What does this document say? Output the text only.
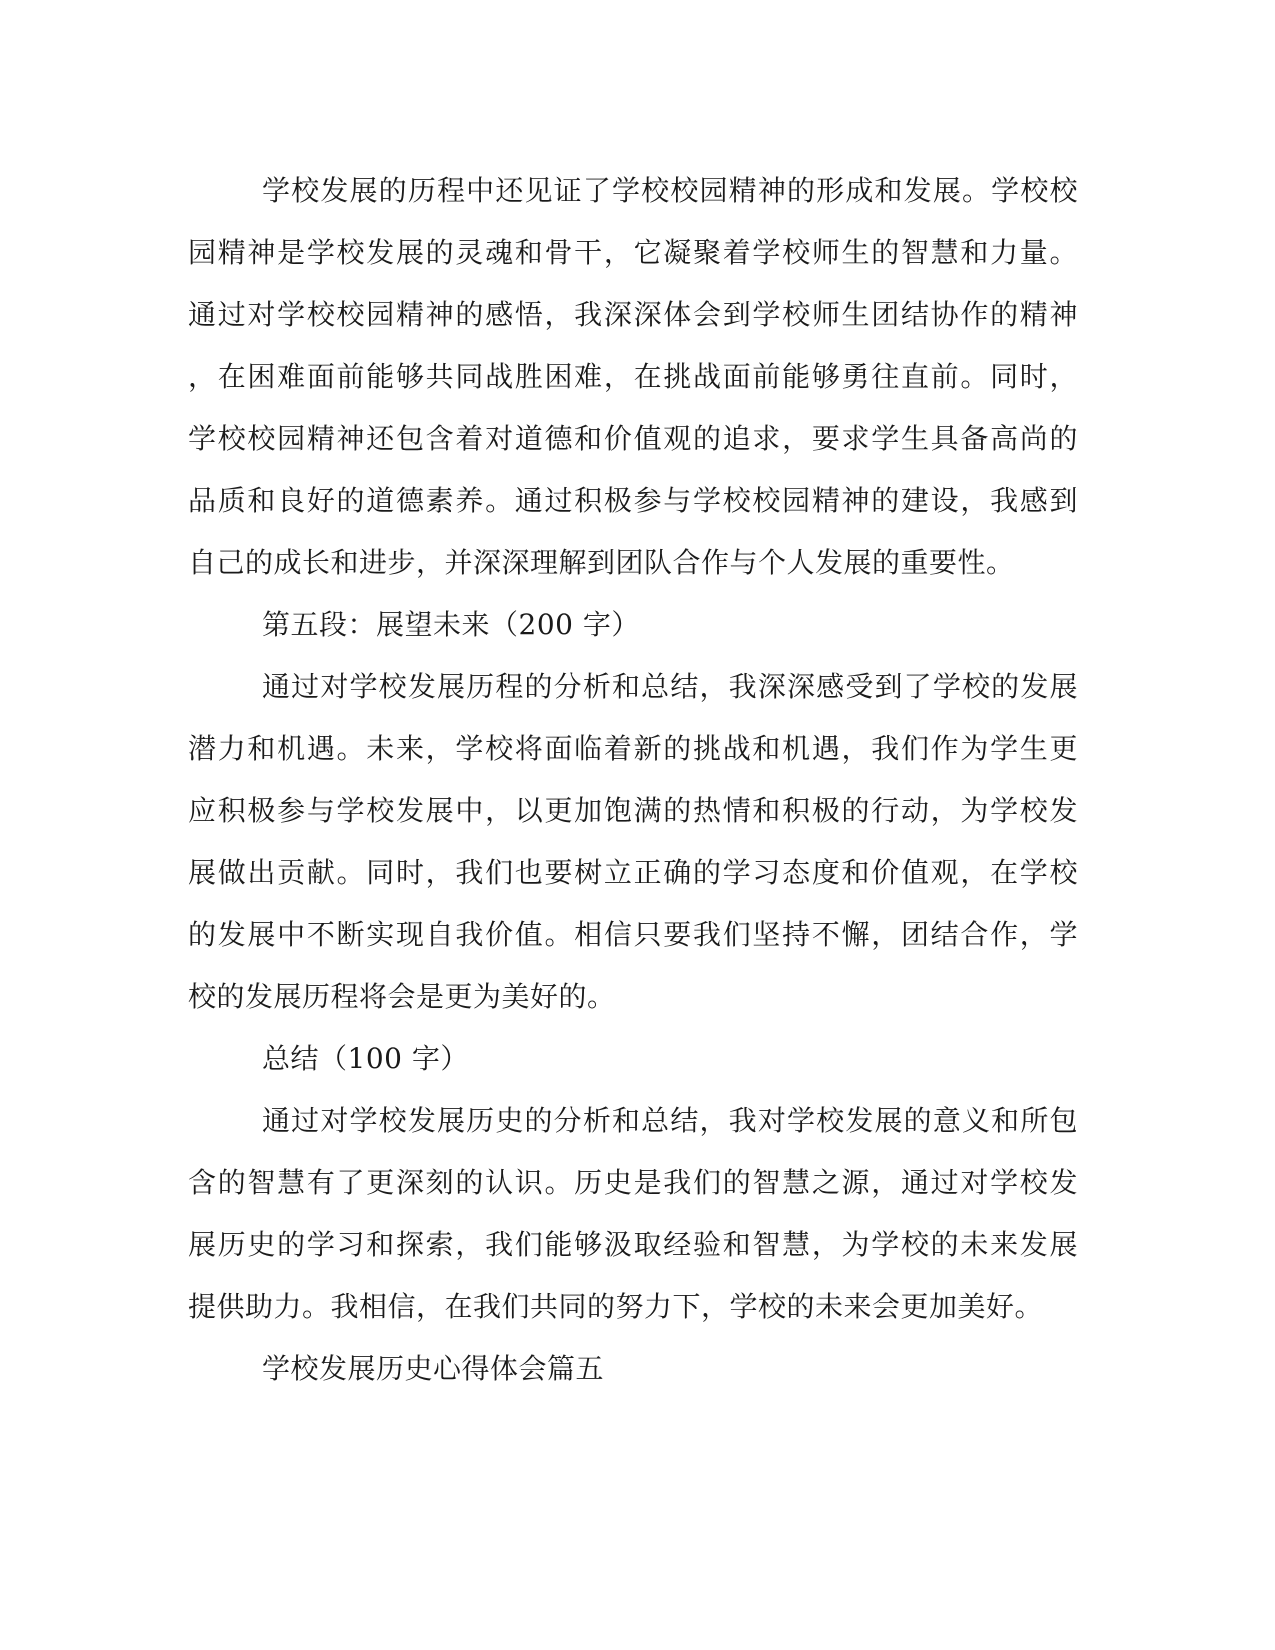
学校发展的历程中还见证了学校校园精神的形成和发展。学校校
园精神是学校发展的灵魂和骨干，它凝聚着学校师生的智慧和力量。
通过对学校校园精神的感悟，我深深体会到学校师生团结协作的精神
，在困难面前能够共同战胜困难，在挑战面前能够勇往直前。同时，
学校校园精神还包含着对道德和价值观的追求，要求学生具备高尚的
品质和良好的道德素养。通过积极参与学校校园精神的建设，我感到
自己的成长和进步，并深深理解到团队合作与个人发展的重要性。
第五段：展望未来（200 字）
通过对学校发展历程的分析和总结，我深深感受到了学校的发展
潜力和机遇。未来，学校将面临着新的挑战和机遇，我们作为学生更
应积极参与学校发展中，以更加饱满的热情和积极的行动，为学校发
展做出贡献。同时，我们也要树立正确的学习态度和价值观，在学校
的发展中不断实现自我价值。相信只要我们坚持不懈，团结合作，学
校的发展历程将会是更为美好的。
总结（100 字）
通过对学校发展历史的分析和总结，我对学校发展的意义和所包
含的智慧有了更深刻的认识。历史是我们的智慧之源，通过对学校发
展历史的学习和探索，我们能够汲取经验和智慧，为学校的未来发展
提供助力。我相信，在我们共同的努力下，学校的未来会更加美好。
学校发展历史心得体会篇五
